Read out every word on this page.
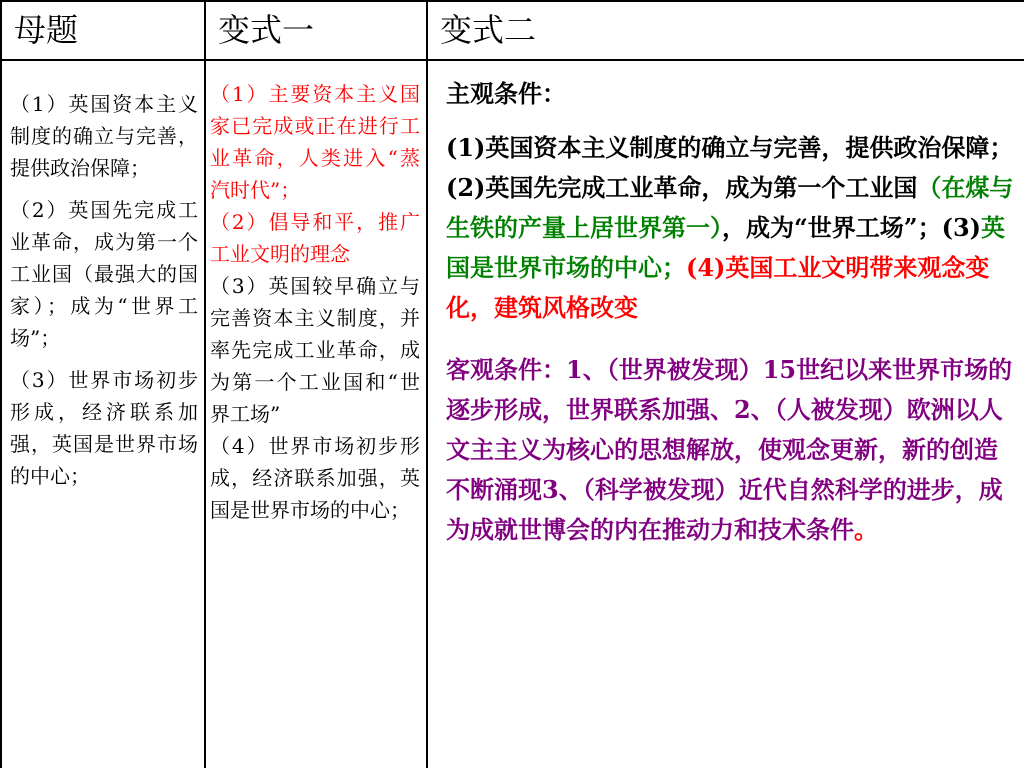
母题	变式一	变式二

（1）英国资本主义制度的确立与完善，提供政治保障；

（2）英国先完成工业革命，成为第一个工业国（最强大的国家）；成为“世界工场”；

（3）世界市场初步形成，经济联系加强，英国是世界市场的中心；

（1）主要资本主义国家已完成或正在进行工业革命，人类进入“蒸汽时代”；

（2）倡导和平，推广工业文明的理念

（3）英国较早确立与完善资本主义制度，并率先完成工业革命，成为第一个工业国和“世界工场”

（4）世界市场初步形成，经济联系加强，英国是世界市场的中心；

主观条件：

(1)英国资本主义制度的确立与完善，提供政治保障；(2)英国先完成工业革命，成为第一个工业国（在煤与生铁的产量上居世界第一），成为“世界工场”；(3)英国是世界市场的中心；(4)英国工业文明带来观念变化，建筑风格改变

客观条件：1、（世界被发现）15世纪以来世界市场的逐步形成，世界联系加强、2、（人被发现）欧洲以人文主主义为核心的思想解放，使观念更新，新的创造不断涌现3、（科学被发现）近代自然科学的进步，成为成就世博会的内在推动力和技术条件。
